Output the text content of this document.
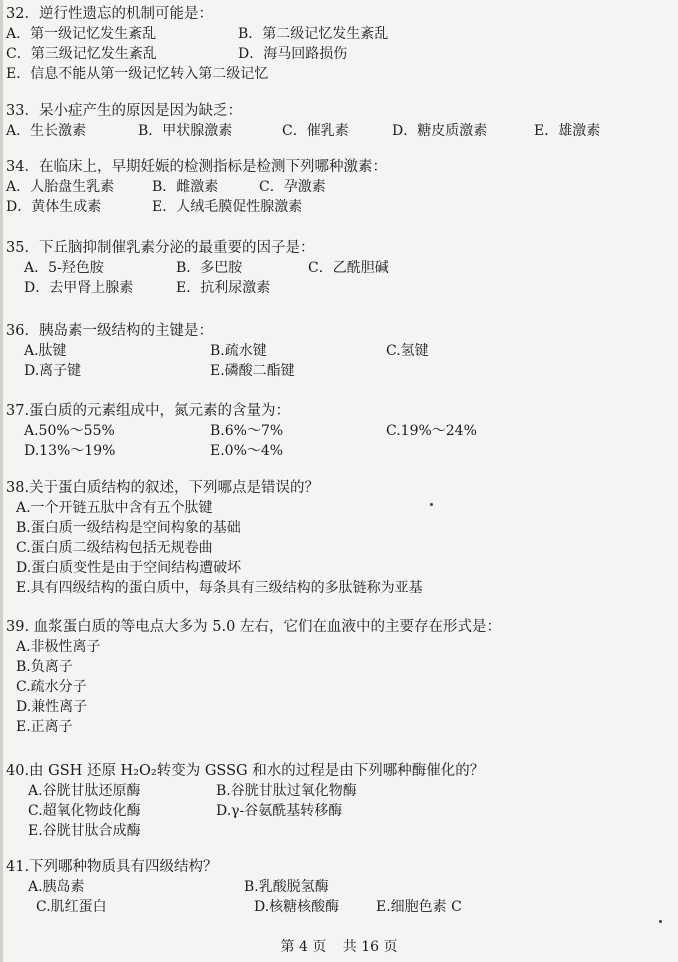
32．逆行性遗忘的机制可能是：
A．第一级记忆发生紊乱	B．第二级记忆发生紊乱
C．第三级记忆发生紊乱	D．海马回路损伤
E．信息不能从第一级记忆转入第二级记忆
33．呆小症产生的原因是因为缺乏：
A．生长激素	B．甲状腺激素	C．催乳素	D．糖皮质激素	E．雄激素
34．在临床上，早期妊娠的检测指标是检测下列哪种激素：
A．人胎盘生乳素	B．雌激素	C．孕激素
D．黄体生成素	E．人绒毛膜促性腺激素
35．下丘脑抑制催乳素分泌的最重要的因子是：
A．5-羟色胺	B．多巴胺	C．乙酰胆碱
D．去甲肾上腺素	E．抗利尿激素
36．胰岛素一级结构的主键是：
A.肽键	B.疏水键	C.氢键
D.离子键	E.磷酸二酯键
37.蛋白质的元素组成中，氮元素的含量为：
A.50%～55%	B.6%～7%	C.19%～24%
D.13%～19%	E.0%～4%
38.关于蛋白质结构的叙述，下列哪点是错误的？
A.一个开链五肽中含有五个肽键
B.蛋白质一级结构是空间构象的基础
C.蛋白质二级结构包括无规卷曲
D.蛋白质变性是由于空间结构遭破坏
E.具有四级结构的蛋白质中，每条具有三级结构的多肽链称为亚基
39. 血浆蛋白质的等电点大多为 5.0 左右，它们在血液中的主要存在形式是：
A.非极性离子
B.负离子
C.疏水分子
D.兼性离子
E.正离子
40.由 GSH 还原 H₂O₂转变为 GSSG 和水的过程是由下列哪种酶催化的？
A.谷胱甘肽还原酶	B.谷胱甘肽过氧化物酶
C.超氧化物歧化酶	D.γ-谷氨酰基转移酶
E.谷胱甘肽合成酶
41.下列哪种物质具有四级结构？
A.胰岛素	B.乳酸脱氢酶
C.肌红蛋白	D.核糖核酸酶	E.细胞色素 C
第 4 页 共 16 页
